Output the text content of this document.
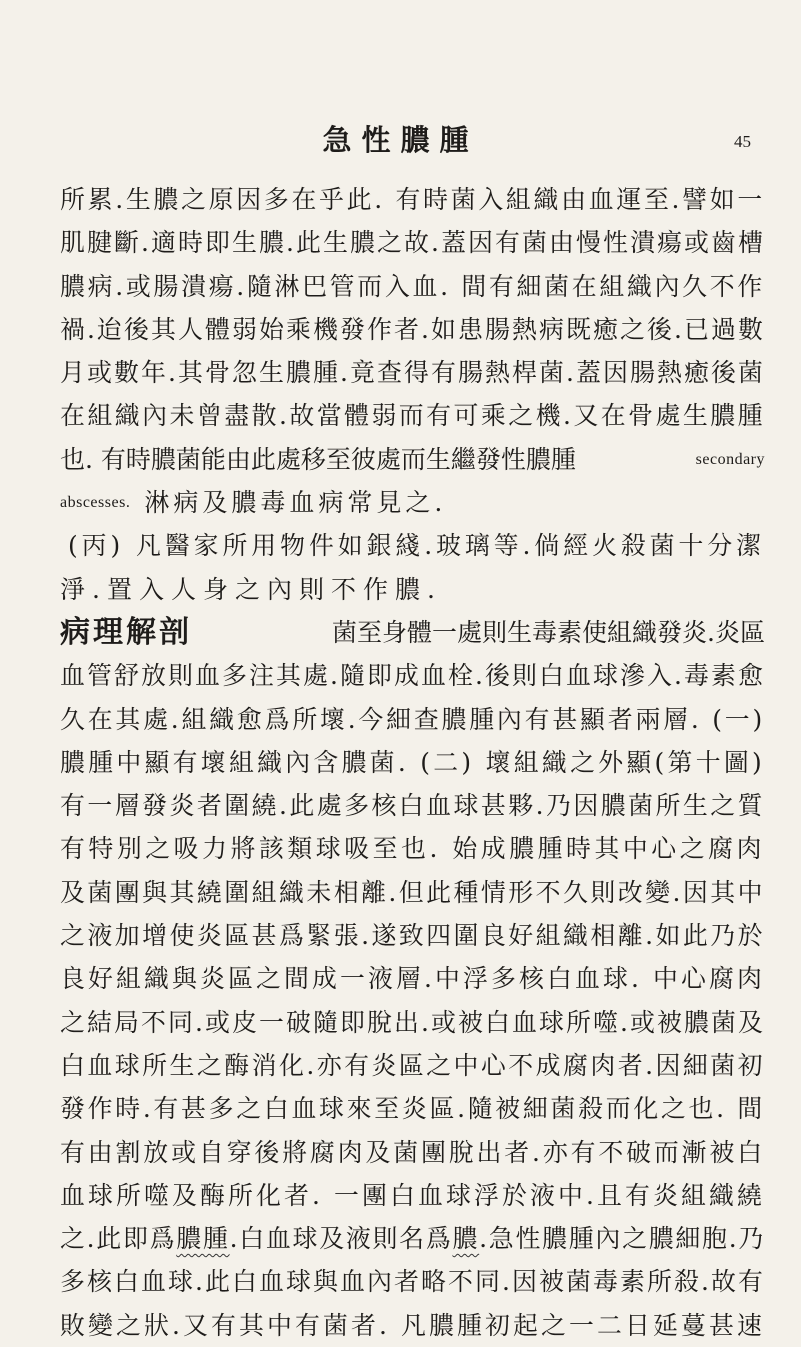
急性膿腫	45
所累.生膿之原因多在乎此. 有時菌入組織由血運至.譬如一
肌腱斷.適時即生膿.此生膿之故.蓋因有菌由慢性潰瘍或齒槽
膿病.或腸潰瘍.隨淋巴管而入血. 間有細菌在組織內久不作
禍.迨後其人體弱始乘機發作者.如患腸熱病既癒之後.已過數
月或數年.其骨忽生膿腫.竟查得有腸熱桿菌.蓋因腸熱癒後菌
在組織內未曾盡散.故當體弱而有可乘之機.又在骨處生膿腫
也. 有時膿菌能由此處移至彼處而生繼發性膿腫	secondary
abscesses. 淋病及膿毒血病常見之.
(丙) 凡醫家所用物件如銀綫.玻璃等.倘經火殺菌十分潔
淨.置入人身之內則不作膿.
病理解剖	菌至身體一處則生毒素使組織發炎.炎區
血管舒放則血多注其處.隨即成血栓.後則白血球滲入.毒素愈
久在其處.組織愈爲所壞.今細查膿腫內有甚顯者兩層. (一)
膿腫中顯有壞組織內含膿菌. (二) 壞組織之外顯(第十圖)
有一層發炎者圍繞.此處多核白血球甚夥.乃因膿菌所生之質
有特別之吸力將該類球吸至也. 始成膿腫時其中心之腐肉
及菌團與其繞圍組織未相離.但此種情形不久則改變.因其中
之液加增使炎區甚爲緊張.遂致四圍良好組織相離.如此乃於
良好組織與炎區之間成一液層.中浮多核白血球. 中心腐肉
之結局不同.或皮一破隨即脫出.或被白血球所噬.或被膿菌及
白血球所生之酶消化.亦有炎區之中心不成腐肉者.因細菌初
發作時.有甚多之白血球來至炎區.隨被細菌殺而化之也. 間
有由割放或自穿後將腐肉及菌團脫出者.亦有不破而漸被白
血球所噬及酶所化者. 一團白血球浮於液中.且有炎組織繞
之.此即爲膿腫.白血球及液則名爲膿.急性膿腫內之膿細胞.乃
多核白血球.此白血球與血內者略不同.因被菌毒素所殺.故有
敗變之狀.又有其中有菌者. 凡膿腫初起之一二日延蔓甚速
